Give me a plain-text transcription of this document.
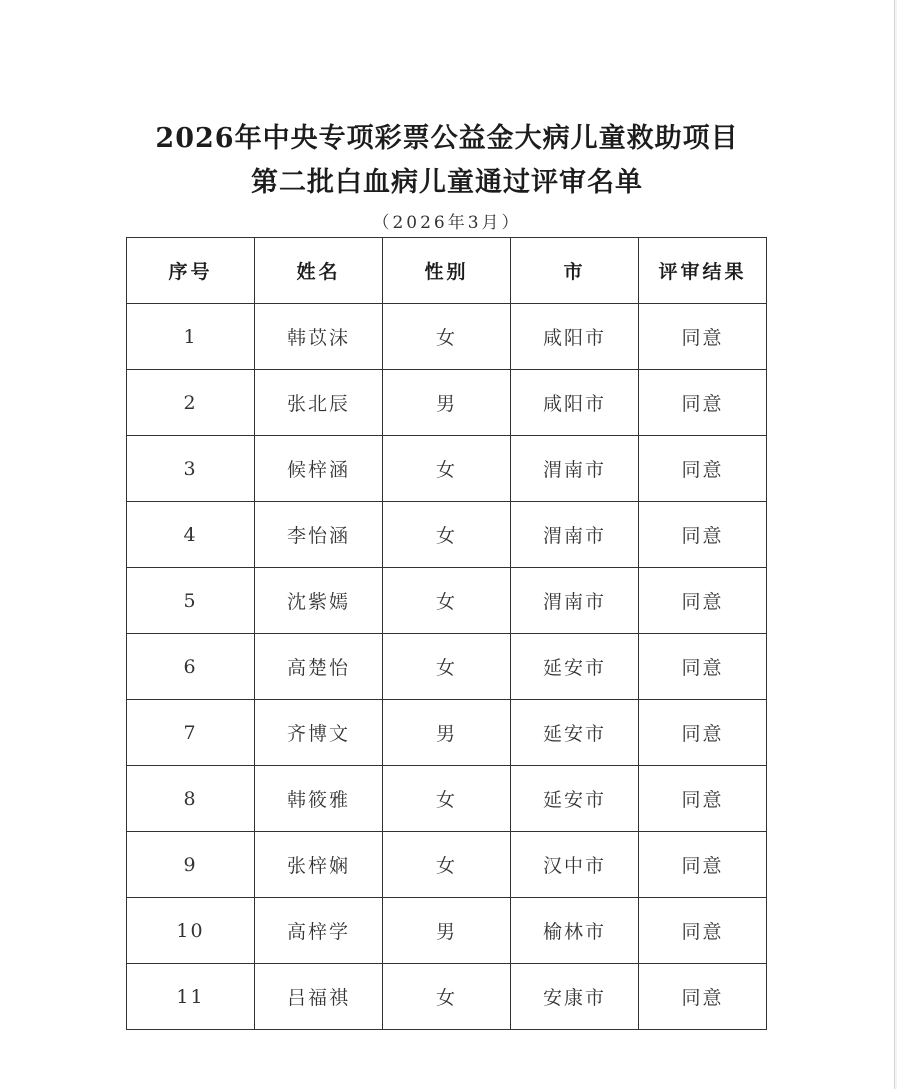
2026年中央专项彩票公益金大病儿童救助项目
第二批白血病儿童通过评审名单
（2026年3月）
序号	姓名	性别	市	评审结果
1	韩苡沫	女	咸阳市	同意
2	张北辰	男	咸阳市	同意
3	候梓涵	女	渭南市	同意
4	李怡涵	女	渭南市	同意
5	沈紫嫣	女	渭南市	同意
6	高楚怡	女	延安市	同意
7	齐博文	男	延安市	同意
8	韩筱雅	女	延安市	同意
9	张梓娴	女	汉中市	同意
10	高梓学	男	榆林市	同意
11	吕福祺	女	安康市	同意
